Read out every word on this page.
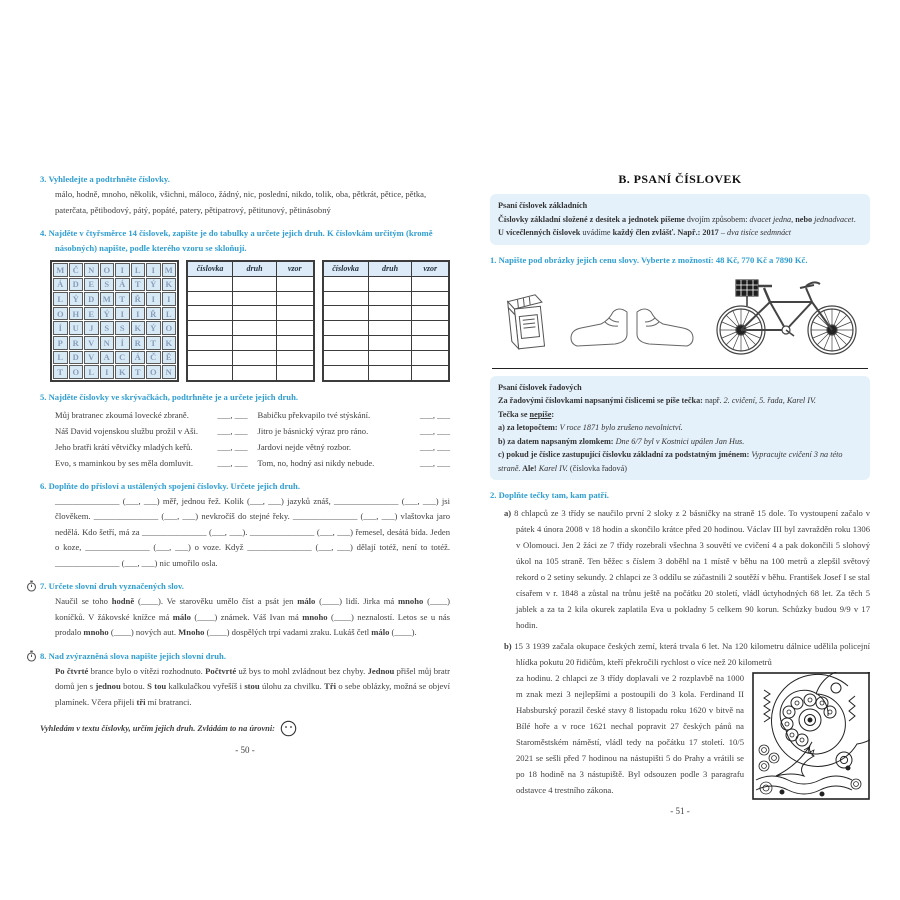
3. Vyhledejte a podtrhněte číslovky.
málo, hodně, mnoho, několik, všichni, máloco, žádný, nic, poslední, nikdo, tolik, oba, pětkrát, pětice, pětka, paterčata, pětibodový, pátý, popáté, patery, pětipatrový, pětitunový, pětinásobný
4. Najděte v čtyřsměrce 14 číslovek, zapište je do tabulky a určete jejich druh. K číslovkám určitým (kromě násobných) napište, podle kterého vzoru se skloňují.
M Č	N	O	I	L	I	M
Á	D	E	S	Á	T	Ý	K
L	Ý	D M	T	Ř	I	I
O	H	E	Ý	I	I	Ř	L
Í	U	J	S	S	K	Ý	O
P	R	V	N	Í	R	T	K
L	D	V	A	C	Á	Č	Ě
T	O	L	I	K	T	O	N
číslovka	druh	vzor

			číslovka	druh	vzor

5. Najděte číslovky ve skrývačkách, podtrhněte je a určete jejich druh.
Můj bratranec zkoumá lovecké zbraně.	___, ___
Náš David vojenskou službu prožil v Aši. ___, ___
Jeho bratři krátí větvičky mladých keřů.	___, ___
Evo, s maminkou by ses měla domluvit.	___, ___
Babičku překvapilo tvé stýskání.	___, ___
Jitro je básnický výraz pro ráno.	___, ___
Jardovi nejde větný rozbor.	___, ___
Tom, no, hodný asi nikdy nebude.	___, ___
6. Doplňte do přísloví a ustálených spojení číslovky. Určete jejich druh.
_______________ (___, ___) měř, jednou řež. Kolik (___, ___) jazyků znáš, _______________ (___, ___) jsi člověkem. _______________ (___, ___) nevkročíš do stejné řeky. _______________ (___, ___) vlaštovka jaro nedělá. Kdo šetří, má za _______________ (___, ___). _______________ (___, ___) řemesel, desátá bída. Jeden o koze, _______________ (___, ___) o voze. Když _______________ (___, ___) dělají totéž, není to totéž. _______________ (___, ___) nic umořilo osla.
7. Určete slovní druh vyznačených slov.
Naučil se toho hodně (____). Ve starověku umělo číst a psát jen málo (____) lidí. Jirka má mnoho (____) koníčků. V žákovské knížce má málo (____) známek. Váš Ivan má mnoho (____) neznalostí. Letos se u nás prodalo mnoho (____) nových aut. Mnoho (____) dospělých trpí vadami zraku. Lukáš četl málo (____).
8. Nad zvýrazněná slova napište jejich slovní druh.
Po čtvrté brance bylo o vítězi rozhodnuto. Počtvrté už bys to mohl zvládnout bez chyby. Jednou přišel můj bratr domů jen s jednou botou. S tou kalkulačkou vyřešíš i stou úlohu za chvilku. Tři o sebe oblázky, možná se objeví plamínek. Včera přijeli tři mí bratranci.
Vyhledám v textu číslovky, určím jejich druh. Zvládám to na úrovni:
- 50 -
B. PSANÍ ČÍSLOVEK
Psaní číslovek základních
Číslovky základní složené z desítek a jednotek píšeme dvojím způsobem: dvacet jedna, nebo jednadvacet.
U vícečlenných číslovek uvádíme každý člen zvlášť. Např.: 2017 – dva tisíce sedmnáct
1. Napište pod obrázky jejich cenu slovy. Vyberte z možností: 48 Kč, 770 Kč a 7890 Kč.
Psaní číslovek řadových
Za řadovými číslovkami napsanými číslicemi se píše tečka: např. 2. cvičení, 5. řada, Karel IV.
Tečka se nepíše:
a) za letopočtem: V roce 1871 bylo zrušeno nevolnictví.
b) za datem napsaným zlomkem: Dne 6/7 byl v Kostnici upálen Jan Hus.
c) pokud je číslice zastupující číslovku základní za podstatným jménem: Vypracujte cvičení 3 na této straně. Ale! Karel IV. (číslovka řadová)
2. Doplňte tečky tam, kam patří.
a) 8 chlapců ze 3 třídy se naučilo první 2 sloky z 2 básničky na straně 15 dole. To vystoupení začalo v pátek 4 února 2008 v 18 hodin a skončilo krátce před 20 hodinou. Václav III byl zavražděn roku 1306 v Olomouci. Jen 2 žáci ze 7 třídy rozebrali všechna 3 souvětí ve cvičení 4 a pak dokončili 5 slohový úkol na 105 straně. Ten běžec s číslem 3 doběhl na 1 místě v běhu na 100 metrů a zlepšil světový rekord o 2 setiny sekundy. 2 chlapci ze 3 oddílu se zúčastnili 2 soutěží v běhu. František Josef I se stal císařem v r. 1848 a zůstal na trůnu ještě na počátku 20 století, vládl úctyhodných 68 let. Za těch 5 jablek a za ta 2 kila okurek zaplatila Eva u pokladny 5 celkem 90 korun. Schůzky budou 9/9 v 17 hodin.
b) 15 3 1939 začala okupace českých zemí, která trvala 6 let. Na 120 kilometru dálnice udělila policejní hlídka pokutu 20 řidičům, kteří překročili rychlost o více než 20 kilometrů
za hodinu. 2 chlapci ze 3 třídy doplavali ve 2 rozplavbě na 1000 m znak mezi 3 nejlepšími a postoupili do 3 kola. Ferdinand II Habsburský porazil české stavy 8 listopadu roku 1620 v bitvě na Bílé hoře a v roce 1621 nechal popravit 27 českých pánů na Staroměstském náměstí, vládl tedy na počátku 17 století. 10/5 2021 se sešli před 7 hodinou na nástupišti 5 do Prahy a vrátili se po 18 hodině na 3 nástupiště. Byl odsouzen podle 3 paragrafu odstavce 4 trestního zákona.
- 51 -
